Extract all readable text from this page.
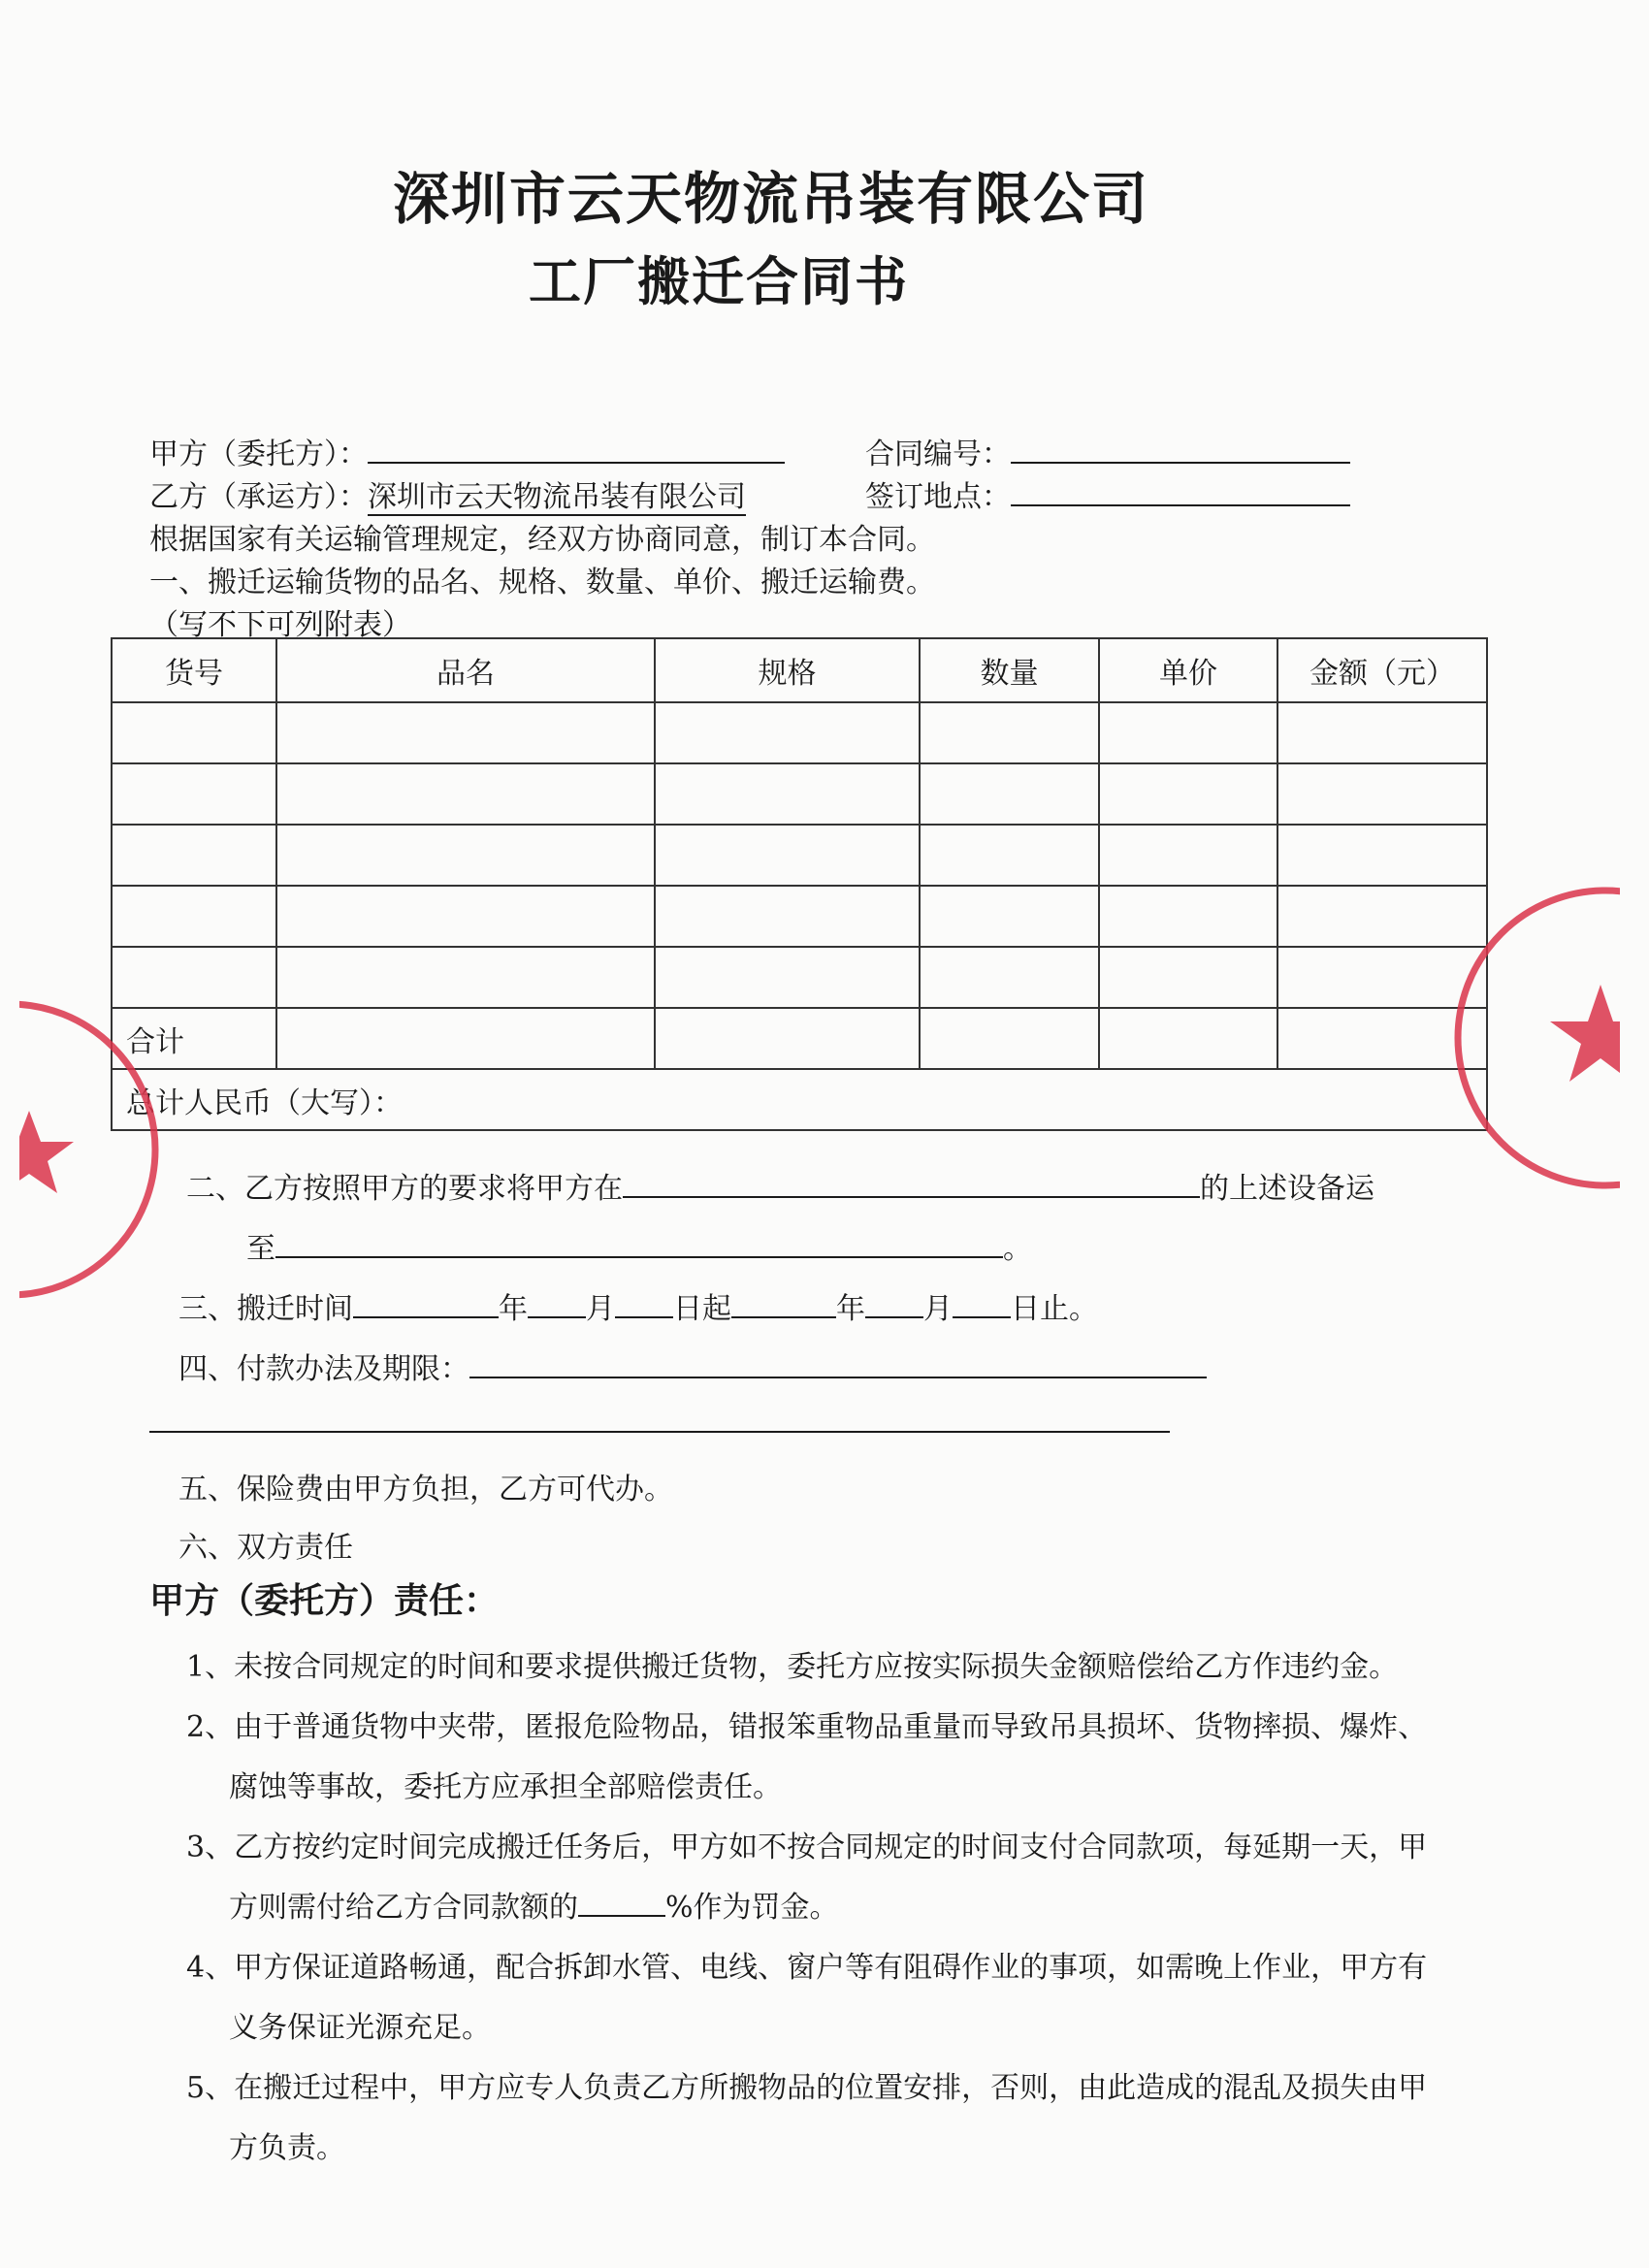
深圳市云天物流吊装有限公司
工厂搬迁合同书
甲方（委托方）：
乙方（承运方）：深圳市云天物流吊装有限公司
合同编号：
签订地点：
根据国家有关运输管理规定，经双方协商同意，制订本合同。
一、搬迁运输货物的品名、规格、数量、单价、搬迁运输费。
（写不下可列附表）
货号	品名	规格	数量	单价	金额（元）

合计					
总计人民币（大写）：					
二、乙方按照甲方的要求将甲方在	的上述设备运
至	。
三、搬迁时间	年 月 日起	年 月 日止。
四、付款办法及期限：
五、保险费由甲方负担，乙方可代办。
六、双方责任
甲方（委托方）责任：
1、未按合同规定的时间和要求提供搬迁货物，委托方应按实际损失金额赔偿给乙方作违约金。
2、由于普通货物中夹带，匿报危险物品，错报笨重物品重量而导致吊具损坏、货物摔损、爆炸、
腐蚀等事故，委托方应承担全部赔偿责任。
3、乙方按约定时间完成搬迁任务后，甲方如不按合同规定的时间支付合同款项，每延期一天，甲
方则需付给乙方合同款额的	%作为罚金。
4、甲方保证道路畅通，配合拆卸水管、电线、窗户等有阻碍作业的事项，如需晚上作业，甲方有
义务保证光源充足。
5、在搬迁过程中，甲方应专人负责乙方所搬物品的位置安排，否则，由此造成的混乱及损失由甲
方负责。
